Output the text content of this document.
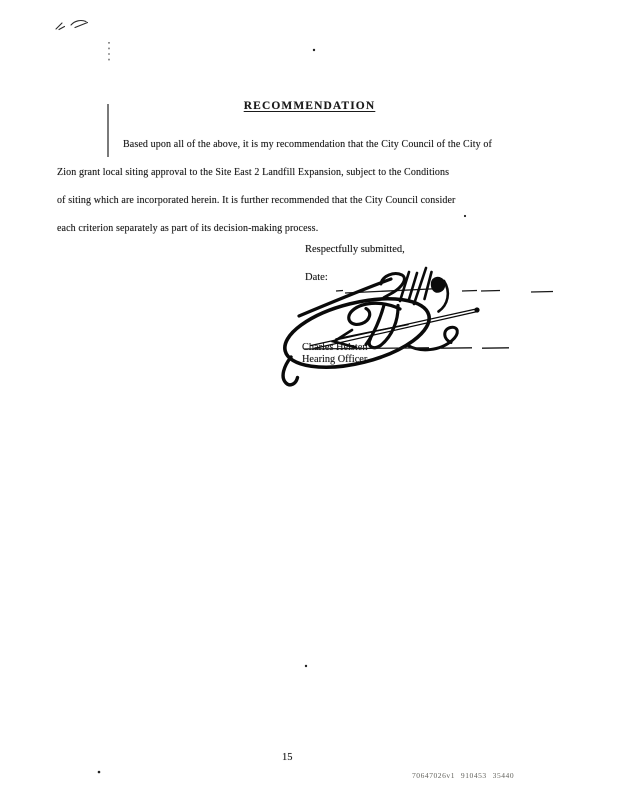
RECOMMENDATION
Based upon all of the above, it is my recommendation that the City Council of the City of
Zion grant local siting approval to the Site East 2 Landfill Expansion, subject to the Conditions
of siting which are incorporated herein. It is further recommended that the City Council consider
each criterion separately as part of its decision-making process.
Respectfully submitted,
Date:
Charles Helsten
Hearing Officer
15
70647026v1 910453 35440
